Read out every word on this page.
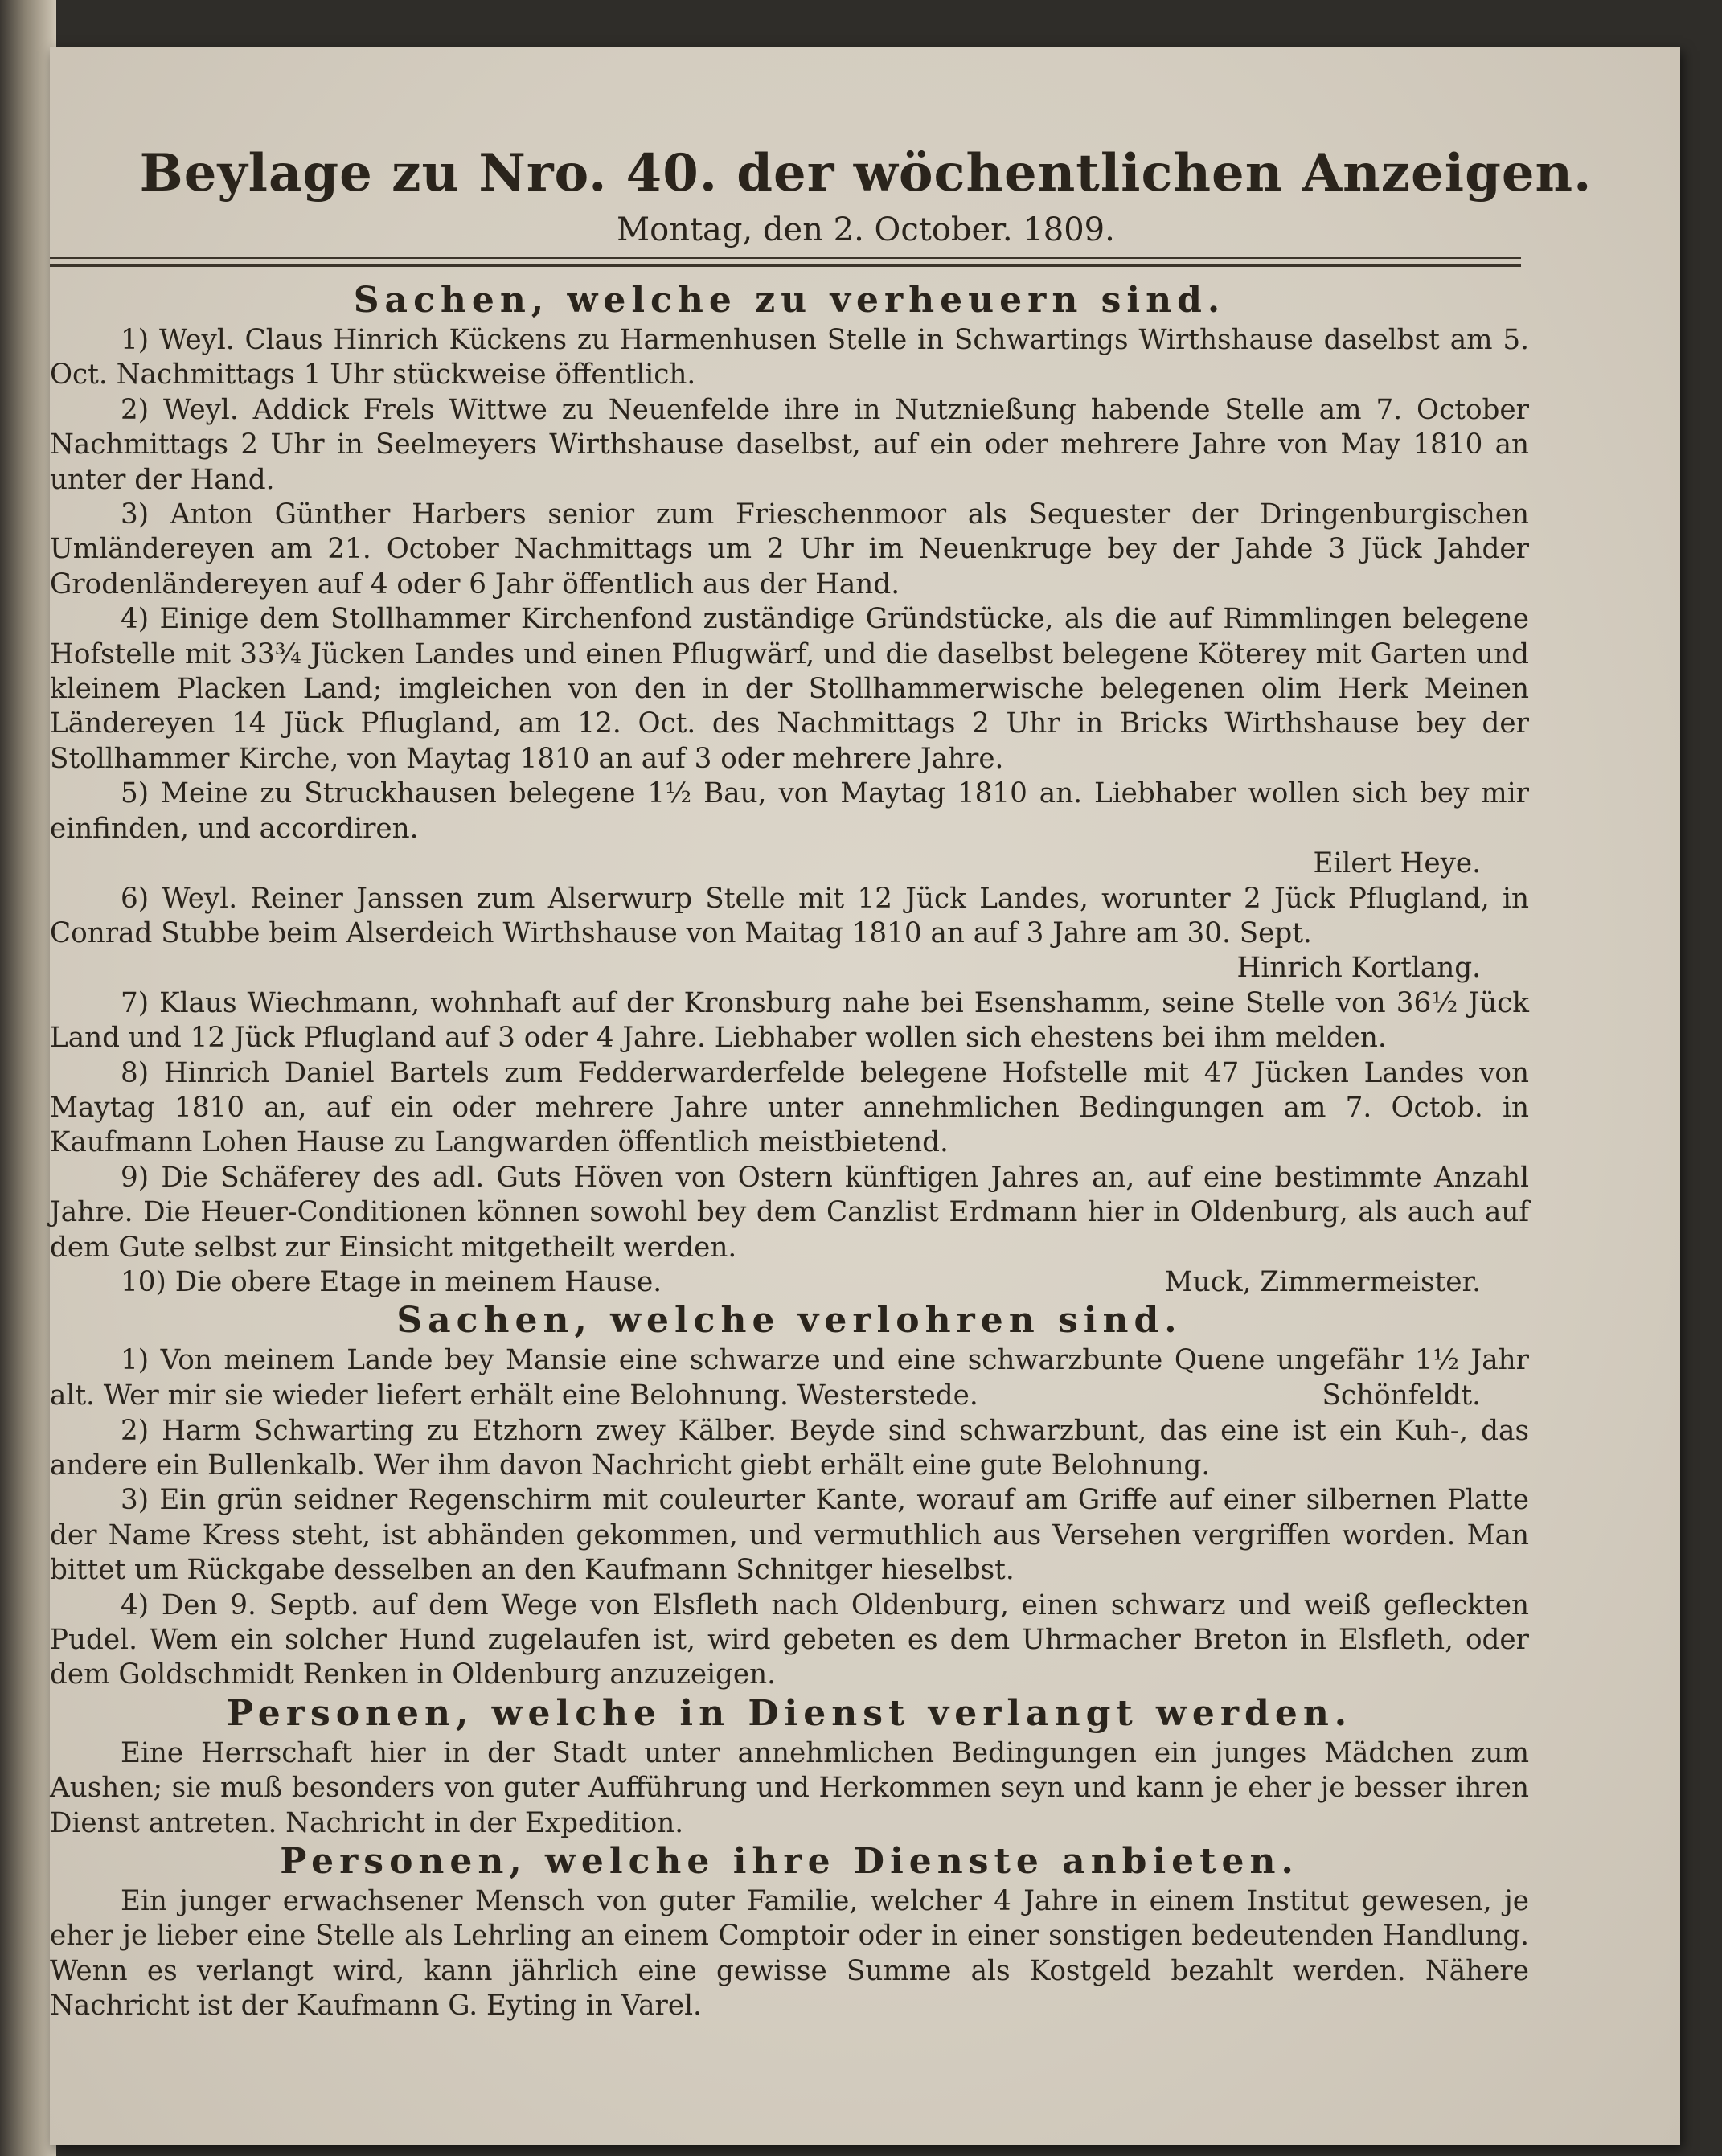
Beylage zu Nro. 40. der wöchentlichen Anzeigen.
Montag, den 2. October. 1809.
Sachen, welche zu verheuern sind.

1) Weyl. Claus Hinrich Kückens zu Harmenhusen Stelle in Schwartings Wirthshause daselbst am 5. Oct. Nachmittags 1 Uhr stückweise öffentlich.

2) Weyl. Addick Frels Wittwe zu Neuenfelde ihre in Nutznießung habende Stelle am 7. October Nachmittags 2 Uhr in Seelmeyers Wirthshause daselbst, auf ein oder mehrere Jahre von May 1810 an unter der Hand.

3) Anton Günther Harbers senior zum Frieschenmoor als Sequester der Dringenburgischen Umländereyen am 21. October Nachmittags um 2 Uhr im Neuenkruge bey der Jahde 3 Jück Jahder Grodenländereyen auf 4 oder 6 Jahr öffentlich aus der Hand.

4) Einige dem Stollhammer Kirchenfond zuständige Gründstücke, als die auf Rimmlingen belegene Hofstelle mit 33¾ Jücken Landes und einen Pflugwärf, und die daselbst belegene Köterey mit Garten und kleinem Placken Land; imgleichen von den in der Stollhammerwische belegenen olim Herk Meinen Ländereyen 14 Jück Pflugland, am 12. Oct. des Nachmittags 2 Uhr in Bricks Wirthshause bey der Stollhammer Kirche, von Maytag 1810 an auf 3 oder mehrere Jahre.

5) Meine zu Struckhausen belegene 1½ Bau, von Maytag 1810 an. Liebhaber wollen sich bey mir einfinden, und accordiren.

Eilert Heye.

6) Weyl. Reiner Janssen zum Alserwurp Stelle mit 12 Jück Landes, worunter 2 Jück Pflugland, in Conrad Stubbe beim Alserdeich Wirthshause von Maitag 1810 an auf 3 Jahre am 30. Sept.

Hinrich Kortlang.

7) Klaus Wiechmann, wohnhaft auf der Kronsburg nahe bei Esenshamm, seine Stelle von 36½ Jück Land und 12 Jück Pflugland auf 3 oder 4 Jahre. Liebhaber wollen sich ehestens bei ihm melden.

8) Hinrich Daniel Bartels zum Fedderwarderfelde belegene Hofstelle mit 47 Jücken Landes von Maytag 1810 an, auf ein oder mehrere Jahre unter annehmlichen Bedingungen am 7. Octob. in Kaufmann Lohen Hause zu Langwarden öffentlich meistbietend.

9) Die Schäferey des adl. Guts Höven von Ostern künftigen Jahres an, auf eine bestimmte Anzahl Jahre. Die Heuer-Conditionen können sowohl bey dem Canzlist Erdmann hier in Oldenburg, als auch auf dem Gute selbst zur Einsicht mitgetheilt werden.

10) Die obere Etage in meinem Hause.	Muck, Zimmermeister.

Sachen, welche verlohren sind.

1) Von meinem Lande bey Mansie eine schwarze und eine schwarzbunte Quene ungefähr 1½ Jahr alt. Wer mir sie wieder liefert erhält eine Belohnung. Westerstede.	Schönfeldt.

2) Harm Schwarting zu Etzhorn zwey Kälber. Beyde sind schwarzbunt, das eine ist ein Kuh-, das andere ein Bullenkalb. Wer ihm davon Nachricht giebt erhält eine gute Belohnung.

3) Ein grün seidner Regenschirm mit couleurter Kante, worauf am Griffe auf einer silbernen Platte der Name Kress steht, ist abhänden gekommen, und vermuthlich aus Versehen vergriffen worden. Man bittet um Rückgabe desselben an den Kaufmann Schnitger hieselbst.

4) Den 9. Septb. auf dem Wege von Elsfleth nach Oldenburg, einen schwarz und weiß gefleckten Pudel. Wem ein solcher Hund zugelaufen ist, wird gebeten es dem Uhrmacher Breton in Elsfleth, oder dem Goldschmidt Renken in Oldenburg anzuzeigen.

Personen, welche in Dienst verlangt werden.

Eine Herrschaft hier in der Stadt unter annehmlichen Bedingungen ein junges Mädchen zum Aushen; sie muß besonders von guter Aufführung und Herkommen seyn und kann je eher je besser ihren Dienst antreten. Nachricht in der Expedition.

Personen, welche ihre Dienste anbieten.

Ein junger erwachsener Mensch von guter Familie, welcher 4 Jahre in einem Institut gewesen, je eher je lieber eine Stelle als Lehrling an einem Comptoir oder in einer sonstigen bedeutenden Handlung. Wenn es verlangt wird, kann jährlich eine gewisse Summe als Kostgeld bezahlt werden. Nähere Nachricht ist der Kaufmann G. Eyting in Varel.
